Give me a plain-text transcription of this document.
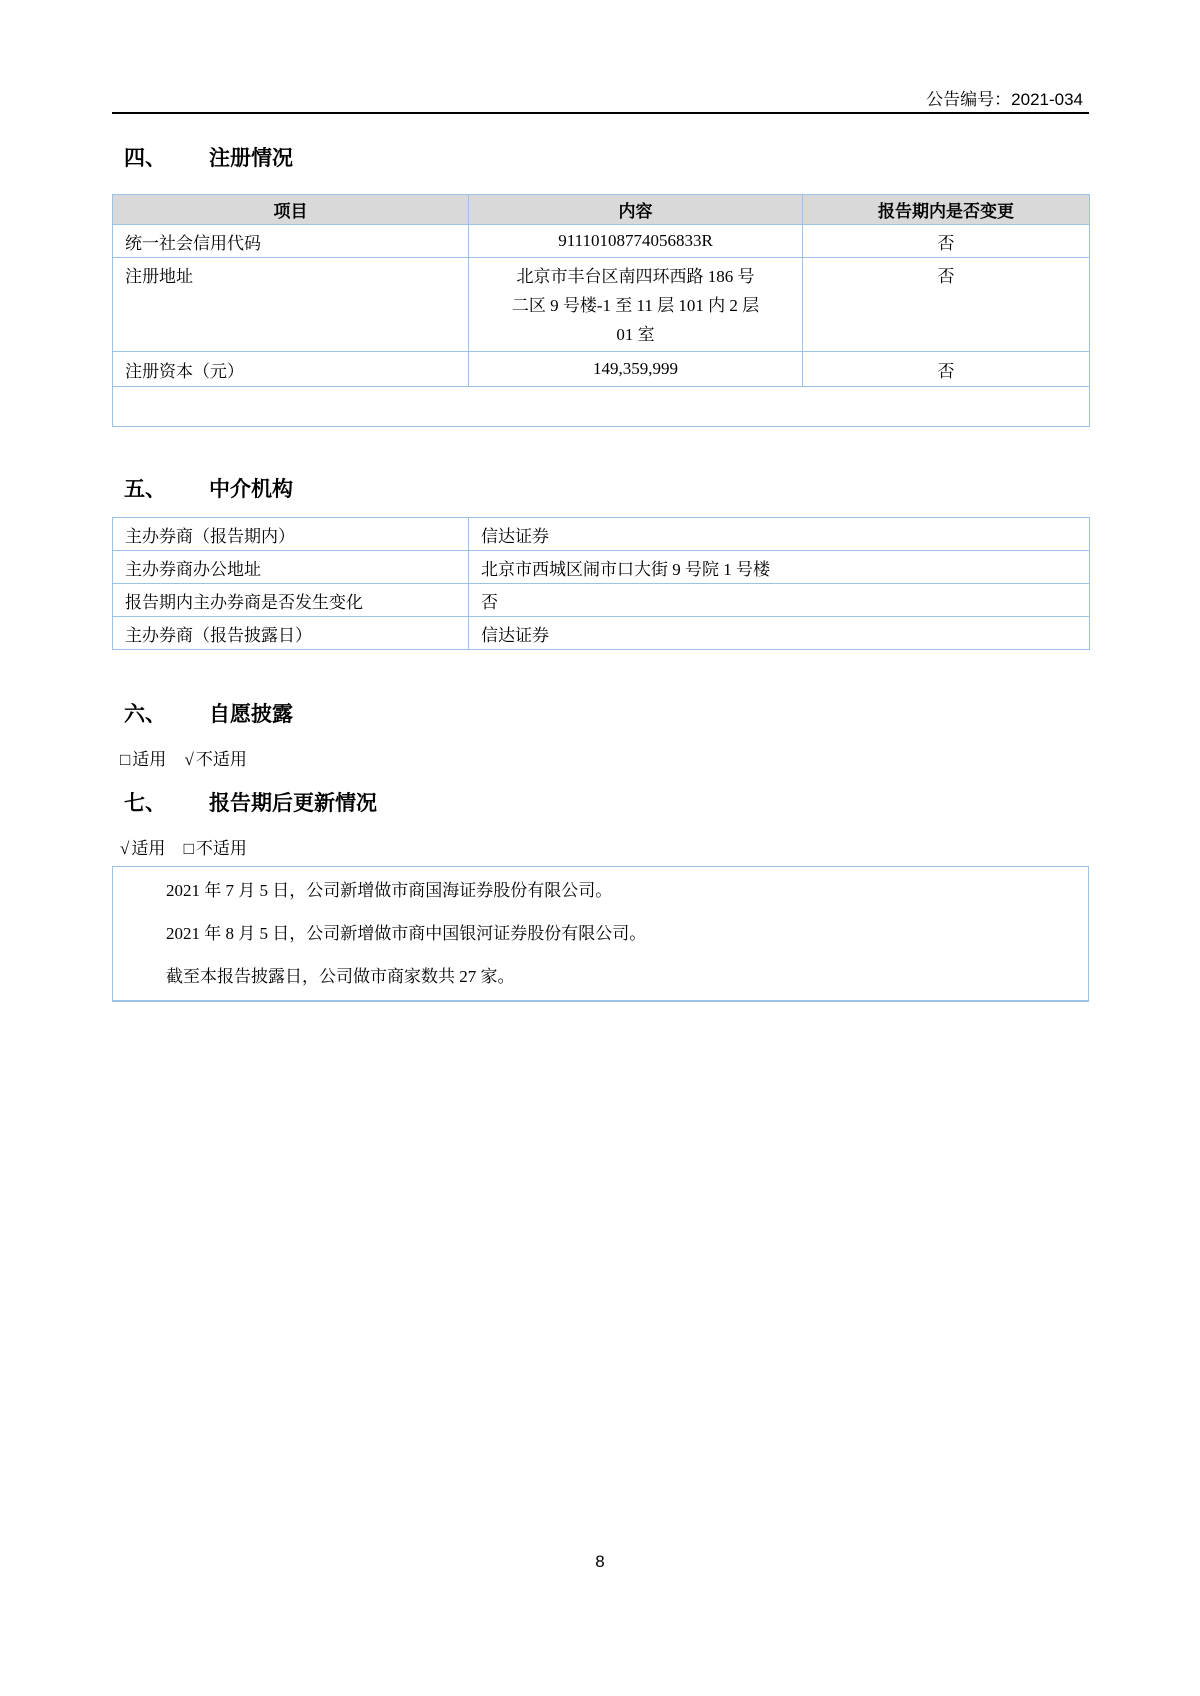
公告编号：2021-034
四、 注册情况
项目	内容	报告期内是否变更
统一社会信用代码	91110108774056833R	否
注册地址	北京市丰台区南四环西路 186 号
二区 9 号楼-1 至 11 层 101 内 2 层
01 室	否
注册资本（元）	149,359,999	否

五、 中介机构
主办券商（报告期内）	信达证券
主办券商办公地址	北京市西城区闹市口大街 9 号院 1 号楼
报告期内主办券商是否发生变化	否
主办券商（报告披露日）	信达证券
六、 自愿披露
□ 适用 √ 不适用
七、 报告期后更新情况
√ 适用 □ 不适用

2021 年 7 月 5 日，公司新增做市商国海证券股份有限公司。

2021 年 8 月 5 日，公司新增做市商中国银河证券股份有限公司。

截至本报告披露日，公司做市商家数共 27 家。

8
